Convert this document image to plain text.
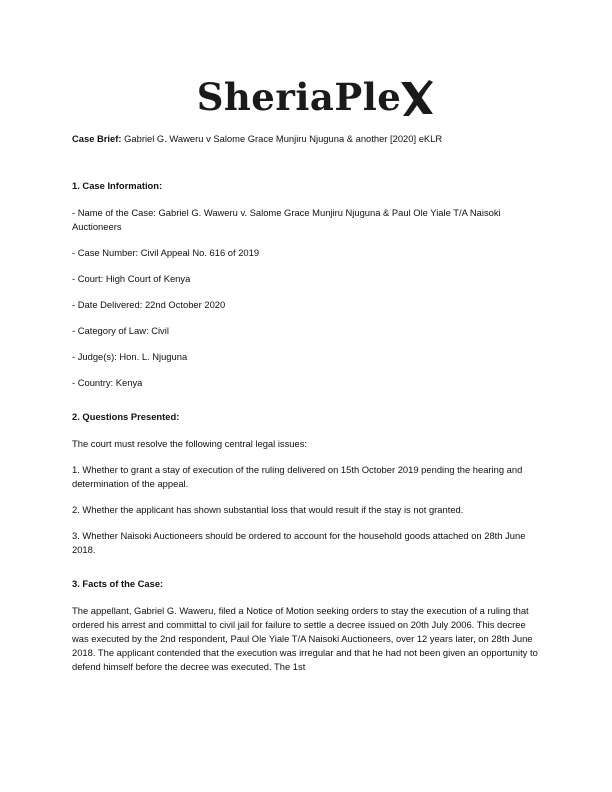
SheriaPle

Case Brief: Gabriel G. Waweru v Salome Grace Munjiru Njuguna & another [2020] eKLR

1. Case Information:

- Name of the Case: Gabriel G. Waweru v. Salome Grace Munjiru Njuguna & Paul Ole Yiale T/A Naisoki Auctioneers

- Case Number: Civil Appeal No. 616 of 2019

- Court: High Court of Kenya

- Date Delivered: 22nd October 2020

- Category of Law: Civil

- Judge(s): Hon. L. Njuguna

- Country: Kenya

2. Questions Presented:

The court must resolve the following central legal issues:

1. Whether to grant a stay of execution of the ruling delivered on 15th October 2019 pending the hearing and determination of the appeal.

2. Whether the applicant has shown substantial loss that would result if the stay is not granted.

3. Whether Naisoki Auctioneers should be ordered to account for the household goods attached on 28th June 2018.

3. Facts of the Case:

The appellant, Gabriel G. Waweru, filed a Notice of Motion seeking orders to stay the execution of a ruling that ordered his arrest and committal to civil jail for failure to settle a decree issued on 20th July 2006. This decree was executed by the 2nd respondent, Paul Ole Yiale T/A Naisoki Auctioneers, over 12 years later, on 28th June 2018. The applicant contended that the execution was irregular and that he had not been given an opportunity to defend himself before the decree was executed. The 1st
